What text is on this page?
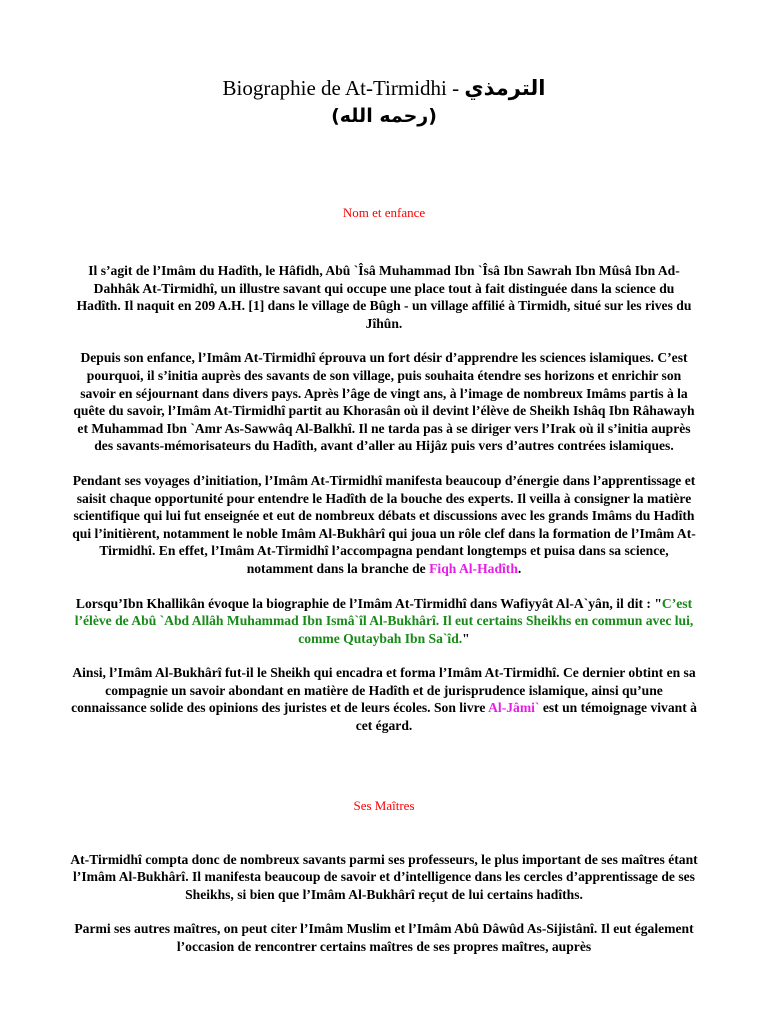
Biographie de At-Tirmidhi - الترمذي
(رحمه الله)
Nom et enfance

Il s’agit de l’Imâm du Hadîth, le Hâfidh, Abû `Îsâ Muhammad Ibn `Îsâ Ibn Sawrah Ibn Mûsâ Ibn Ad-Dahhâk At-Tirmidhî, un illustre savant qui occupe une place tout à fait distinguée dans la science du Hadîth. Il naquit en 209 A.H. [1] dans le village de Bûgh - un village affilié à Tirmidh, situé sur les rives du Jîhûn.

Depuis son enfance, l’Imâm At-Tirmidhî éprouva un fort désir d’apprendre les sciences islamiques. C’est pourquoi, il s’initia auprès des savants de son village, puis souhaita étendre ses horizons et enrichir son savoir en séjournant dans divers pays. Après l’âge de vingt ans, à l’image de nombreux Imâms partis à la quête du savoir, l’Imâm At-Tirmidhî partit au Khorasân où il devint l’élève de Sheikh Ishâq Ibn Râhawayh et Muhammad Ibn `Amr As-Sawwâq Al-Balkhî. Il ne tarda pas à se diriger vers l’Irak où il s’initia auprès des savants-mémorisateurs du Hadîth, avant d’aller au Hijâz puis vers d’autres contrées islamiques.

Pendant ses voyages d’initiation, l’Imâm At-Tirmidhî manifesta beaucoup d’énergie dans l’apprentissage et saisit chaque opportunité pour entendre le Hadîth de la bouche des experts. Il veilla à consigner la matière scientifique qui lui fut enseignée et eut de nombreux débats et discussions avec les grands Imâms du Hadîth qui l’initièrent, notamment le noble Imâm Al-Bukhârî qui joua un rôle clef dans la formation de l’Imâm At-Tirmidhî. En effet, l’Imâm At-Tirmidhî l’accompagna pendant longtemps et puisa dans sa science, notamment dans la branche de Fiqh Al-Hadîth.

Lorsqu’Ibn Khallikân évoque la biographie de l’Imâm At-Tirmidhî dans Wafiyyât Al-A`yân, il dit : "C’est l’élève de Abû `Abd Allâh Muhammad Ibn Ismâ`îl Al-Bukhârî. Il eut certains Sheikhs en commun avec lui, comme Qutaybah Ibn Sa`îd."

Ainsi, l’Imâm Al-Bukhârî fut-il le Sheikh qui encadra et forma l’Imâm At-Tirmidhî. Ce dernier obtint en sa compagnie un savoir abondant en matière de Hadîth et de jurisprudence islamique, ainsi qu’une connaissance solide des opinions des juristes et de leurs écoles. Son livre Al-Jâmi` est un témoignage vivant à cet égard.

Ses Maîtres

At-Tirmidhî compta donc de nombreux savants parmi ses professeurs, le plus important de ses maîtres étant l’Imâm Al-Bukhârî. Il manifesta beaucoup de savoir et d’intelligence dans les cercles d’apprentissage de ses Sheikhs, si bien que l’Imâm Al-Bukhârî reçut de lui certains hadîths.

Parmi ses autres maîtres, on peut citer l’Imâm Muslim et l’Imâm Abû Dâwûd As-Sijistânî. Il eut également l’occasion de rencontrer certains maîtres de ses propres maîtres, auprès
